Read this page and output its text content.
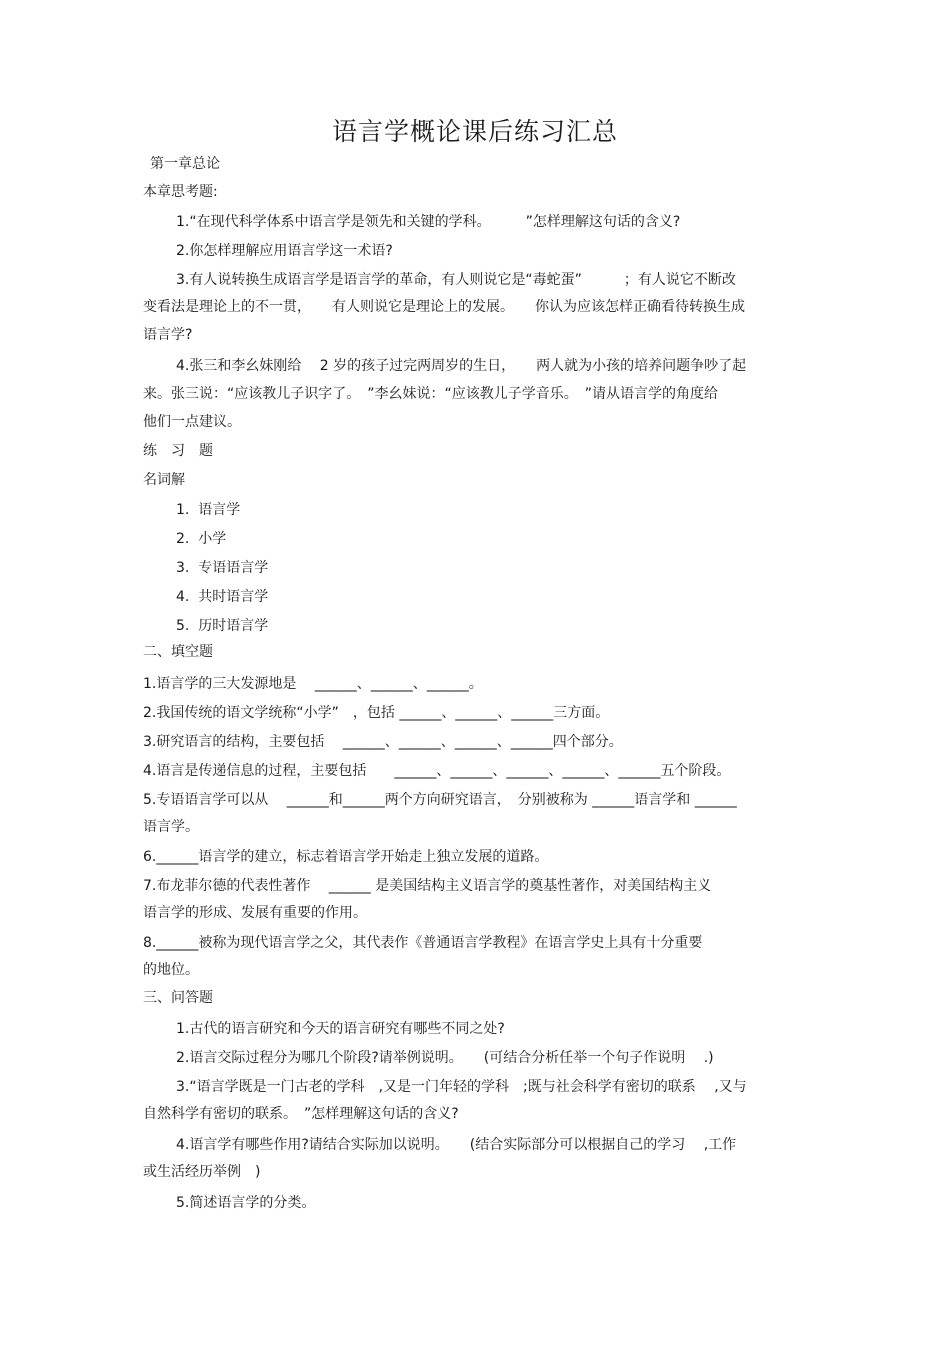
语言学概论课后练习汇总
第一章总论
本章思考题:
1.“在现代科学体系中语言学是领先和关键的学科。　　　”怎样理解这句话的含义?
2.你怎样理解应用语言学这一术语?
3.有人说转换生成语言学是语言学的革命，有人则说它是“毒蛇蛋”　　　；有人说它不断改
变看法是理论上的不一贯，　　有人则说它是理论上的发展。　　你认为应该怎样正确看待转换生成
语言学?
4.张三和李幺妹刚给　 2 岁的孩子过完两周岁的生日，　　两人就为小孩的培养问题争吵了起
来。张三说：“应该教儿子识字了。　”李幺妹说：“应该教儿子学音乐。　”请从语言学的角度给
他们一点建议。
练　习　题
名词解
1.  语言学
2.  小学
3.  专语语言学
4.  共时语言学
5.  历时语言学
二、填空题
1.语言学的三大发源地是　 ______、______、______。
2.我国传统的语文学统称“小学”　，包括 ______、______、______三方面。
3.研究语言的结构，主要包括　 ______、______、______、______四个部分。
4.语言是传递信息的过程，主要包括　　______、______、______、______、______五个阶段。
5.专语语言学可以从　 ______和______两个方向研究语言，　分别被称为 ______语言学和 ______
语言学。
6.______语言学的建立，标志着语言学开始走上独立发展的道路。
7.布龙菲尔德的代表性著作　 ______ 是美国结构主义语言学的奠基性著作，对美国结构主义
语言学的形成、发展有重要的作用。
8.______被称为现代语言学之父，其代表作《普通语言学教程》在语言学史上具有十分重要
的地位。
三、问答题
1.古代的语言研究和今天的语言研究有哪些不同之处?
2.语言交际过程分为哪几个阶段?请举例说明。　　(可结合分析任举一个句子作说明　 .)
3.“语言学既是一门古老的学科　,又是一门年轻的学科　;既与社会科学有密切的联系　 ,又与
自然科学有密切的联系。　”怎样理解这句话的含义?
4.语言学有哪些作用?请结合实际加以说明。　　(结合实际部分可以根据自己的学习　 ,工作
或生活经历举例　)
5.简述语言学的分类。
